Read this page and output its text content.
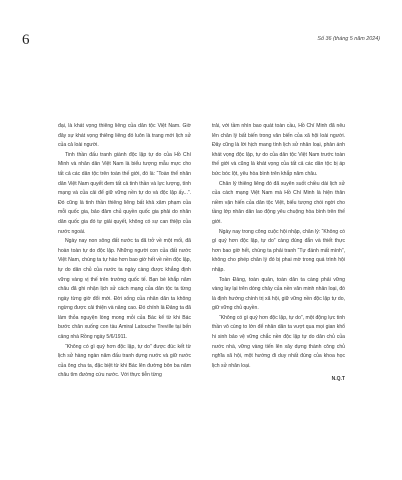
6	Số 36 (tháng 5 năm 2024)

đại, là khát vọng thiêng liêng của dân tộc Việt Nam. Giờ đây sự khát vọng thiêng liêng đó luôn là trang mới lịch sử của cả loài người.

Tinh thần đấu tranh giành độc lập tự do của Hồ Chí Minh và nhân dân Việt Nam là biểu tượng mẫu mực cho tất cả các dân tộc trên toàn thế giới, đó là: “Toàn thể nhân dân Việt Nam quyết đem tất cả tinh thần và lực lượng, tính mạng và của cải để giữ vững nền tự do và độc lập ấy...”. Đó cũng là tinh thần thiêng liêng bất khả xâm phạm của mỗi quốc gia, bảo đảm chủ quyền quốc gia phải do nhân dân quốc gia đó tự giải quyết, không có sự can thiệp của nước ngoài.

Ngày nay non sông đất nước ta đã trở về một mối, đã hoàn toàn tự do độc lập. Những người con của đất nước Việt Nam, chúng ta tự hào hơn bao giờ hết về nền độc lập, tự do dân chủ của nước ta ngày càng được khẳng định vững vàng vị thế trên trường quốc tế. Bạn bè khắp năm châu đã ghi nhận lịch sử cách mạng của dân tộc ta từng ngày từng giờ đổi mới. Đời sống của nhân dân ta không ngừng được cải thiện và nâng cao. Đó chính là Đảng ta đã làm thỏa nguyện lòng mong mỏi của Bác kể từ khi Bác bước chân xuống con tàu Amiral Latouche Treville tại bến cảng nhà Rồng ngày 5/6/1911.

“Không có gì quý hơn độc lập, tự do” được đúc kết từ lịch sử hàng ngàn năm đấu tranh dựng nước và giữ nước của ông cha ta, đặc biệt từ khi Bác lên đường bôn ba năm châu tìm đường cứu nước. Với thực tiễn từng

trải, với tầm nhìn bao quát toàn cầu, Hồ Chí Minh đã nêu lên chân lý bất biến trong văn biển của xã hội loài người. Đây cũng là lời hịch mang tính lịch sử nhân loại, phản ánh khát vọng độc lập, tự do của dân tộc Việt Nam trước toàn thế giới và cũng là khát vọng của tất cả các dân tộc bị áp bức bóc lột, yêu hòa bình trên khắp năm châu.

Chân lý thiêng liêng đó đã xuyên suốt chiều dài lịch sử của cách mạng Việt Nam mà Hồ Chí Minh là hiện thân niềm vận hiến của dân tộc Việt, biểu tượng chói ngời cho tầng lớp nhân dân lao động yêu chuộng hòa bình trên thế giới.

Ngày nay trong công cuộc hội nhập, chân lý: “Không có gì quý hơn độc lập, tự do” càng đúng đắn và thiết thực hơn bao giờ hết, chúng ta phải tranh “Tự đánh mất mình”, không cho phép chân lý đó bị phai mờ trong quá trình hội nhập.

Toàn Đảng, toàn quân, toàn dân ta càng phải vững vàng lay lại trên dòng chảy của nền văn minh nhân loại, đó là định hướng chính trị xã hội, giữ vững nền độc lập tự do, giữ vững chủ quyền.

“Không có gì quý hơn độc lập, tự do”, một động lực tinh thần vô cùng to lớn để nhân dân ta vượt qua mọi gian khổ hi sinh bảo vệ vững chắc nền độc lập tự do dân chủ của nước nhà, vững vàng tiến lên xây dựng thành công chủ nghĩa xã hội, một hướng đi duy nhất đúng của khoa học lịch sử nhân loại.

N.Q.T
